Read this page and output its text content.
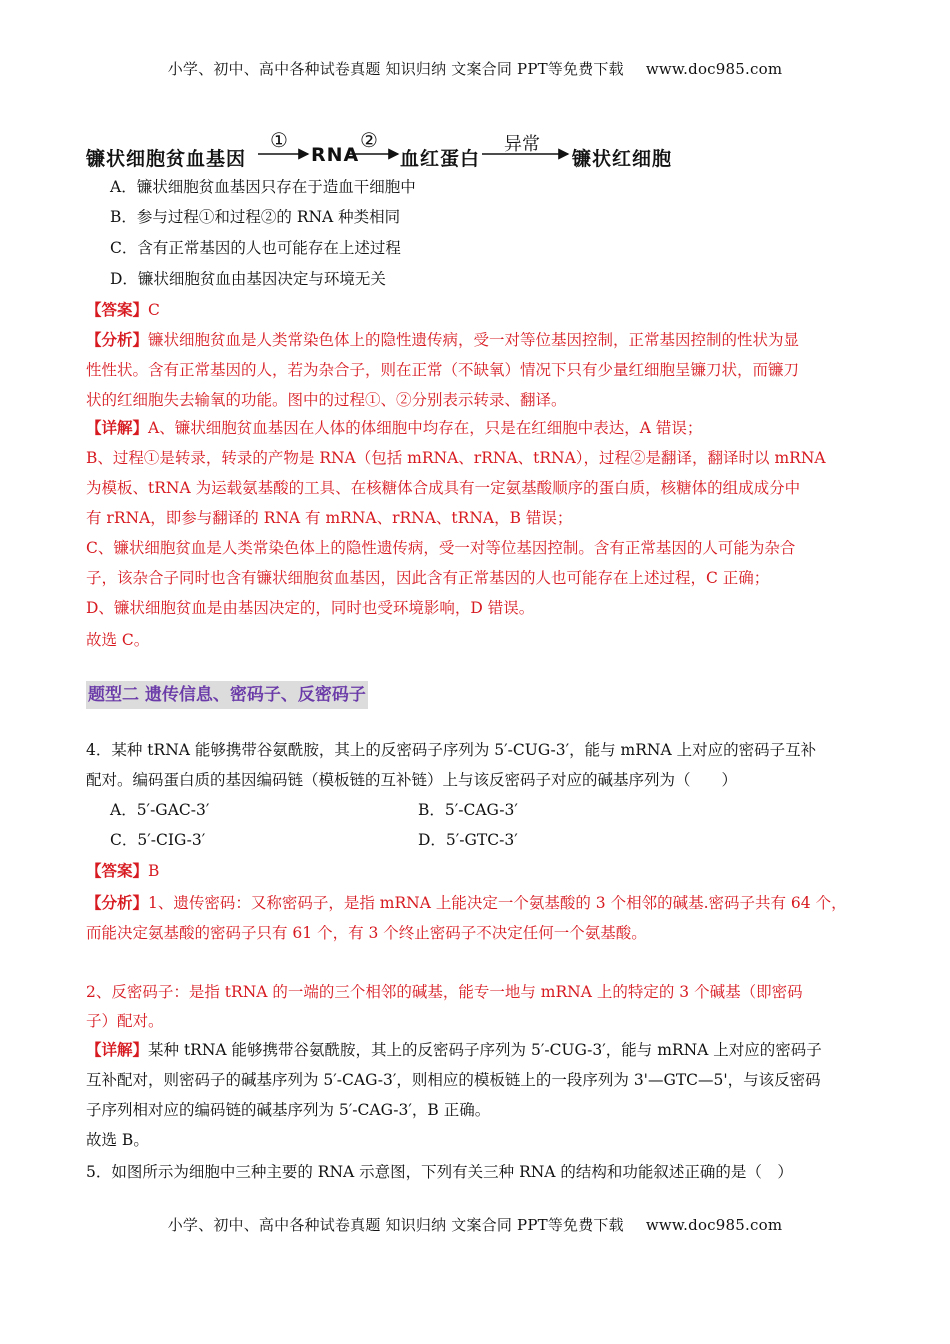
小学、初中、高中各种试卷真题 知识归纳 文案合同 PPT等免费下载 www.doc985.com
镰状细胞贫血基因
①
RNA
②
血红蛋白
异常
镰状红细胞
A．镰状细胞贫血基因只存在于造血干细胞中
B．参与过程①和过程②的 RNA 种类相同
C．含有正常基因的人也可能存在上述过程
D．镰状细胞贫血由基因决定与环境无关
【答案】C
【分析】镰状细胞贫血是人类常染色体上的隐性遗传病，受一对等位基因控制，正常基因控制的性状为显
性性状。含有正常基因的人，若为杂合子，则在正常（不缺氧）情况下只有少量红细胞呈镰刀状，而镰刀
状的红细胞失去输氧的功能。图中的过程①、②分别表示转录、翻译。
【详解】A、镰状细胞贫血基因在人体的体细胞中均存在，只是在红细胞中表达，A 错误；
B、过程①是转录，转录的产物是 RNA（包括 mRNA、rRNA、tRNA），过程②是翻译，翻译时以 mRNA
为模板、tRNA 为运载氨基酸的工具、在核糖体合成具有一定氨基酸顺序的蛋白质，核糖体的组成成分中
有 rRNA，即参与翻译的 RNA 有 mRNA、rRNA、tRNA，B 错误；
C、镰状细胞贫血是人类常染色体上的隐性遗传病，受一对等位基因控制。含有正常基因的人可能为杂合
子，该杂合子同时也含有镰状细胞贫血基因，因此含有正常基因的人也可能存在上述过程，C 正确；
D、镰状细胞贫血是由基因决定的，同时也受环境影响，D 错误。
故选 C。
题型二 遗传信息、密码子、反密码子
4．某种 tRNA 能够携带谷氨酰胺，其上的反密码子序列为 5′-CUG-3′，能与 mRNA 上对应的密码子互补
配对。编码蛋白质的基因编码链（模板链的互补链）上与该反密码子对应的碱基序列为（　　）
A．5′-GAC-3′	B．5′-CAG-3′
C．5′-CIG-3′	D．5′-GTC-3′
【答案】B
【分析】1、遗传密码：又称密码子，是指 mRNA 上能决定一个氨基酸的 3 个相邻的碱基.密码子共有 64 个，
而能决定氨基酸的密码子只有 61 个，有 3 个终止密码子不决定任何一个氨基酸。
2、反密码子：是指 tRNA 的一端的三个相邻的碱基，能专一地与 mRNA 上的特定的 3 个碱基（即密码
子）配对。
【详解】某种 tRNA 能够携带谷氨酰胺，其上的反密码子序列为 5′-CUG-3′，能与 mRNA 上对应的密码子
互补配对，则密码子的碱基序列为 5′-CAG-3′，则相应的模板链上的一段序列为 3'—GTC—5'，与该反密码
子序列相对应的编码链的碱基序列为 5′-CAG-3′，B 正确。
故选 B。
5．如图所示为细胞中三种主要的 RNA 示意图，下列有关三种 RNA 的结构和功能叙述正确的是（　）
小学、初中、高中各种试卷真题 知识归纳 文案合同 PPT等免费下载 www.doc985.com
